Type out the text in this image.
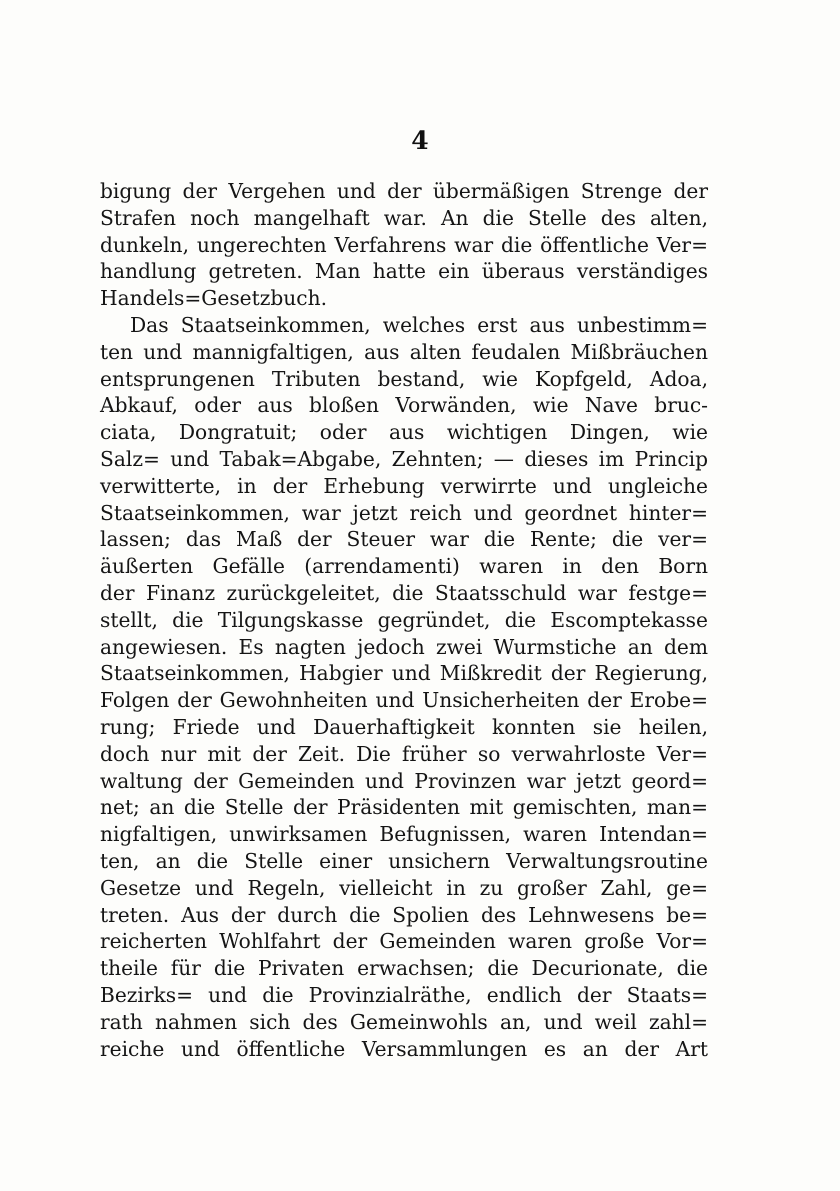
4
bigung der Vergehen und der übermäßigen Strenge der
Strafen noch mangelhaft war. An die Stelle des alten,
dunkeln, ungerechten Verfahrens war die öffentliche Ver=
handlung getreten. Man hatte ein überaus verständiges
Handels=Gesetzbuch.
Das Staatseinkommen, welches erst aus unbestimm=
ten und mannigfaltigen, aus alten feudalen Mißbräuchen
entsprungenen Tributen bestand, wie Kopfgeld, Adoa,
Abkauf, oder aus bloßen Vorwänden, wie Nave bruc-
ciata, Dongratuit; oder aus wichtigen Dingen, wie
Salz= und Tabak=Abgabe, Zehnten; — dieses im Princip
verwitterte, in der Erhebung verwirrte und ungleiche
Staatseinkommen, war jetzt reich und geordnet hinter=
lassen; das Maß der Steuer war die Rente; die ver=
äußerten Gefälle (arrendamenti) waren in den Born
der Finanz zurückgeleitet, die Staatsschuld war festge=
stellt, die Tilgungskasse gegründet, die Escomptekasse
angewiesen. Es nagten jedoch zwei Wurmstiche an dem
Staatseinkommen, Habgier und Mißkredit der Regierung,
Folgen der Gewohnheiten und Unsicherheiten der Erobe=
rung; Friede und Dauerhaftigkeit konnten sie heilen,
doch nur mit der Zeit. Die früher so verwahrloste Ver=
waltung der Gemeinden und Provinzen war jetzt geord=
net; an die Stelle der Präsidenten mit gemischten, man=
nigfaltigen, unwirksamen Befugnissen, waren Intendan=
ten, an die Stelle einer unsichern Verwaltungsroutine
Gesetze und Regeln, vielleicht in zu großer Zahl, ge=
treten. Aus der durch die Spolien des Lehnwesens be=
reicherten Wohlfahrt der Gemeinden waren große Vor=
theile für die Privaten erwachsen; die Decurionate, die
Bezirks= und die Provinzialräthe, endlich der Staats=
rath nahmen sich des Gemeinwohls an, und weil zahl=
reiche und öffentliche Versammlungen es an der Art
